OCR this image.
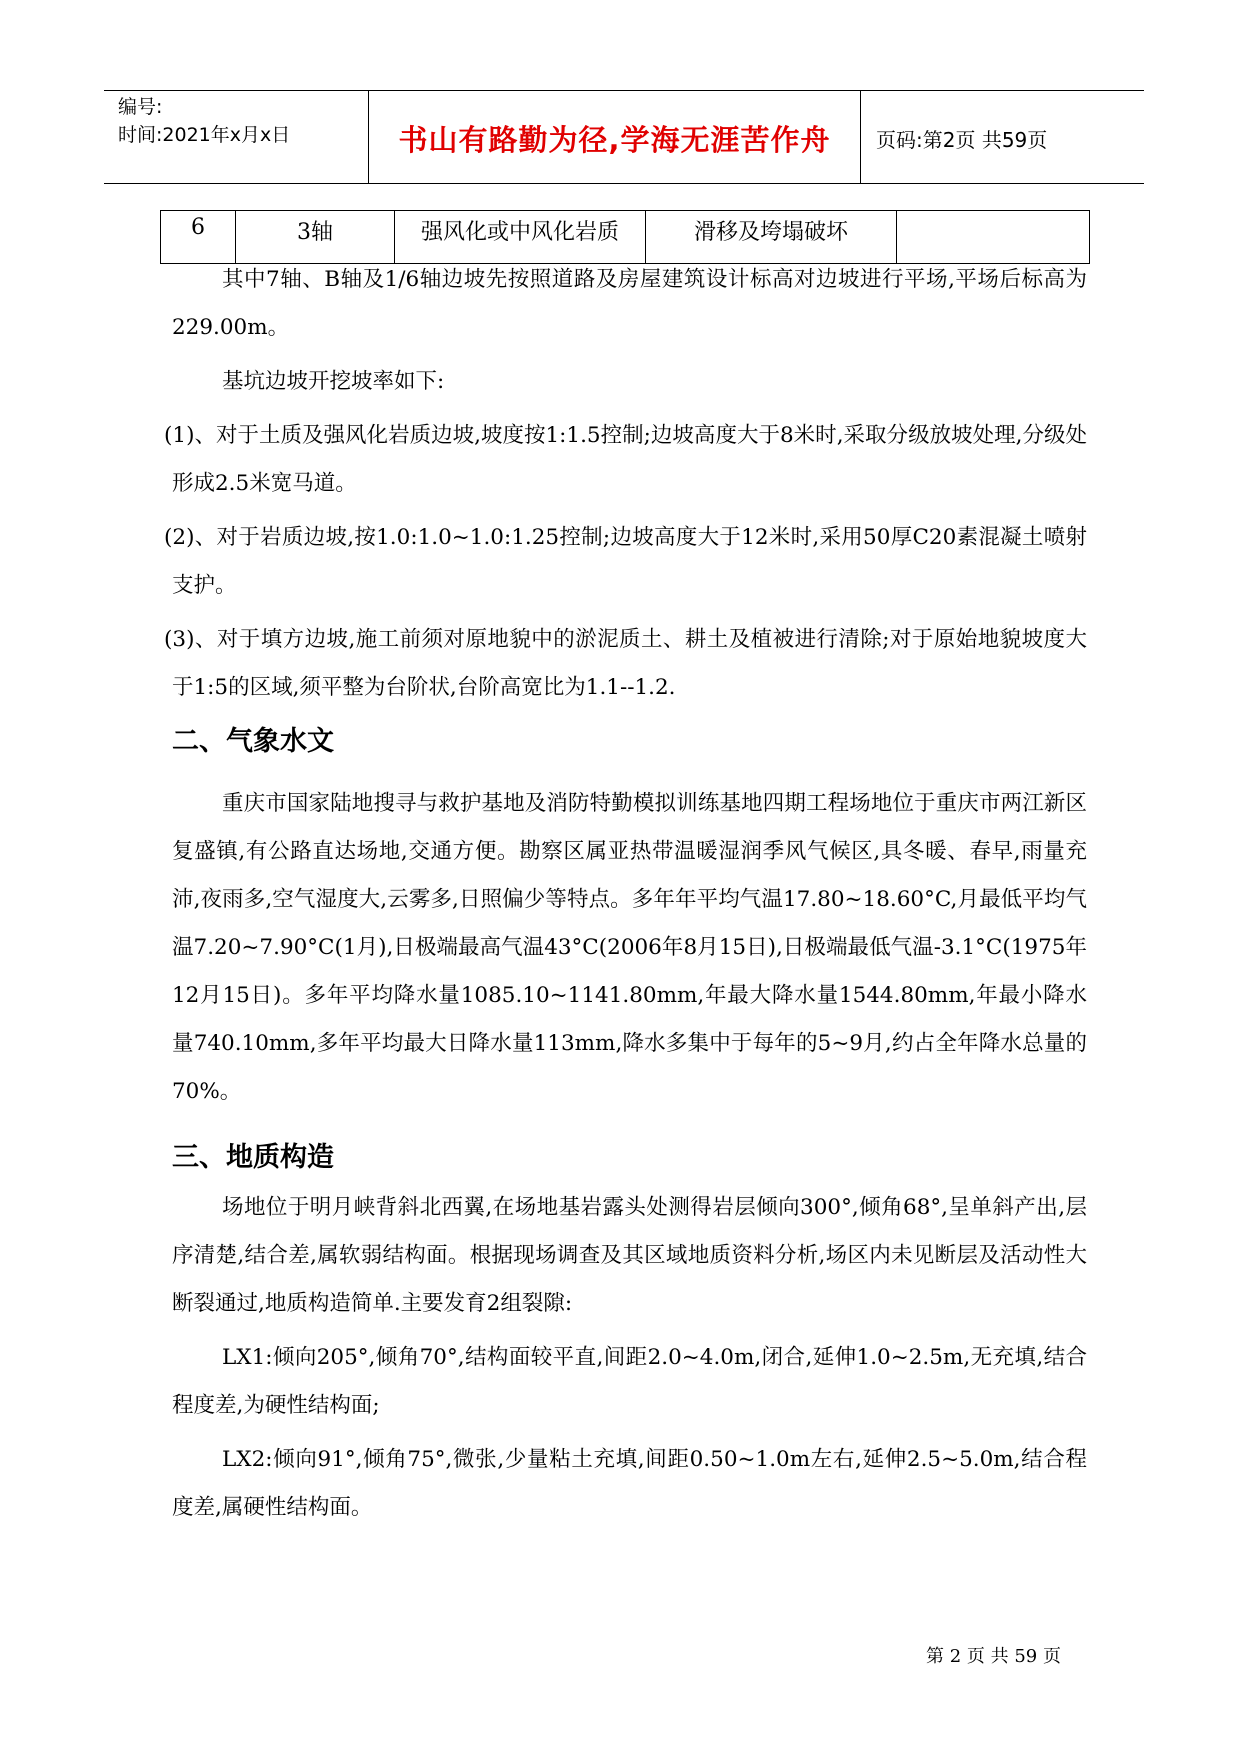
编号:
时间:2021年x月x日	书山有路勤为径,学海无涯苦作舟	页码:第2页 共59页
6	3轴	强风化或中风化岩质	滑移及垮塌破坏	

其中7轴、B轴及1/6轴边坡先按照道路及房屋建筑设计标高对边坡进行平场,平场后标高为229.00m。

基坑边坡开挖坡率如下:

(1)、对于土质及强风化岩质边坡,坡度按1:1.5控制;边坡高度大于8米时,采取分级放坡处理,分级处形成2.5米宽马道。

(2)、对于岩质边坡,按1.0:1.0~1.0:1.25控制;边坡高度大于12米时,采用50厚C20素混凝土喷射支护。

(3)、对于填方边坡,施工前须对原地貌中的淤泥质土、耕土及植被进行清除;对于原始地貌坡度大于1:5的区域,须平整为台阶状,台阶高宽比为1.1--1.2.

二、气象水文

重庆市国家陆地搜寻与救护基地及消防特勤模拟训练基地四期工程场地位于重庆市两江新区复盛镇,有公路直达场地,交通方便。勘察区属亚热带温暖湿润季风气候区,具冬暖、春早,雨量充沛,夜雨多,空气湿度大,云雾多,日照偏少等特点。多年年平均气温17.80~18.60°C,月最低平均气温7.20~7.90°C(1月),日极端最高气温43°C(2006年8月15日),日极端最低气温-3.1°C(1975年12月15日)。多年平均降水量1085.10~1141.80mm,年最大降水量1544.80mm,年最小降水量740.10mm,多年平均最大日降水量113mm,降水多集中于每年的5~9月,约占全年降水总量的70%。

三、地质构造

场地位于明月峡背斜北西翼,在场地基岩露头处测得岩层倾向300°,倾角68°,呈单斜产出,层序清楚,结合差,属软弱结构面。根据现场调查及其区域地质资料分析,场区内未见断层及活动性大断裂通过,地质构造简单.主要发育2组裂隙:

LX1:倾向205°,倾角70°,结构面较平直,间距2.0~4.0m,闭合,延伸1.0~2.5m,无充填,结合程度差,为硬性结构面;

LX2:倾向91°,倾角75°,微张,少量粘土充填,间距0.50~1.0m左右,延伸2.5~5.0m,结合程度差,属硬性结构面。

第 2 页 共 59 页
